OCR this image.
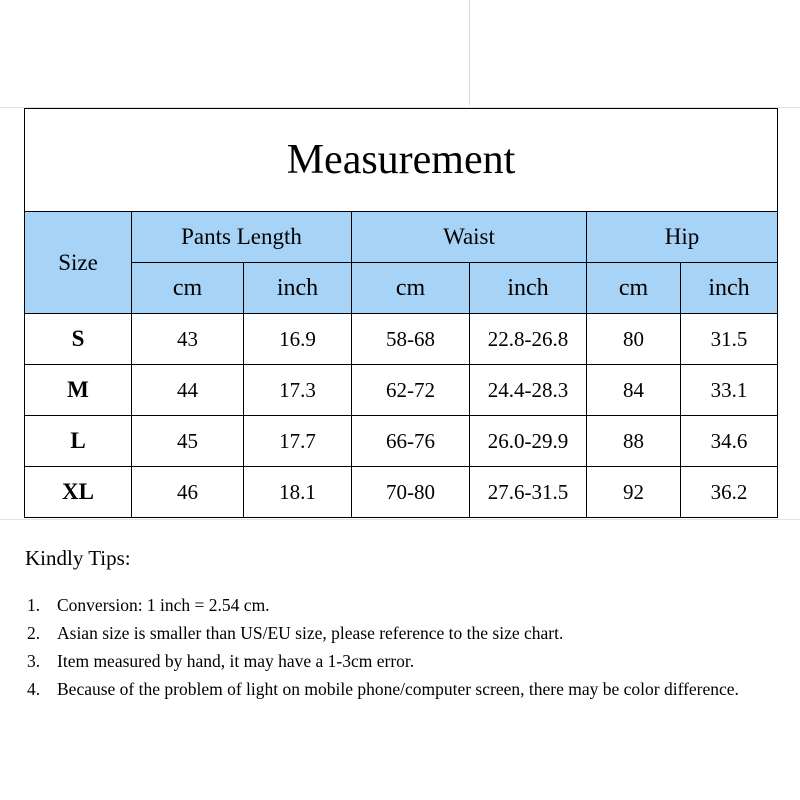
Measurement						
Size	Pants Length		Waist		Hip	
	cm	inch	cm	inch	cm	inch
S	43	16.9	58-68	22.8-26.8	80	31.5
M	44	17.3	62-72	24.4-28.3	84	33.1
L	45	17.7	66-76	26.0-29.9	88	34.6
XL	46	18.1	70-80	27.6-31.5	92	36.2
Kindly Tips:
1. Conversion: 1 inch = 2.54 cm.
2. Asian size is smaller than US/EU size, please reference to the size chart.
3. Item measured by hand, it may have a 1-3cm error.
4. Because of the problem of light on mobile phone/computer screen, there may be color difference.
